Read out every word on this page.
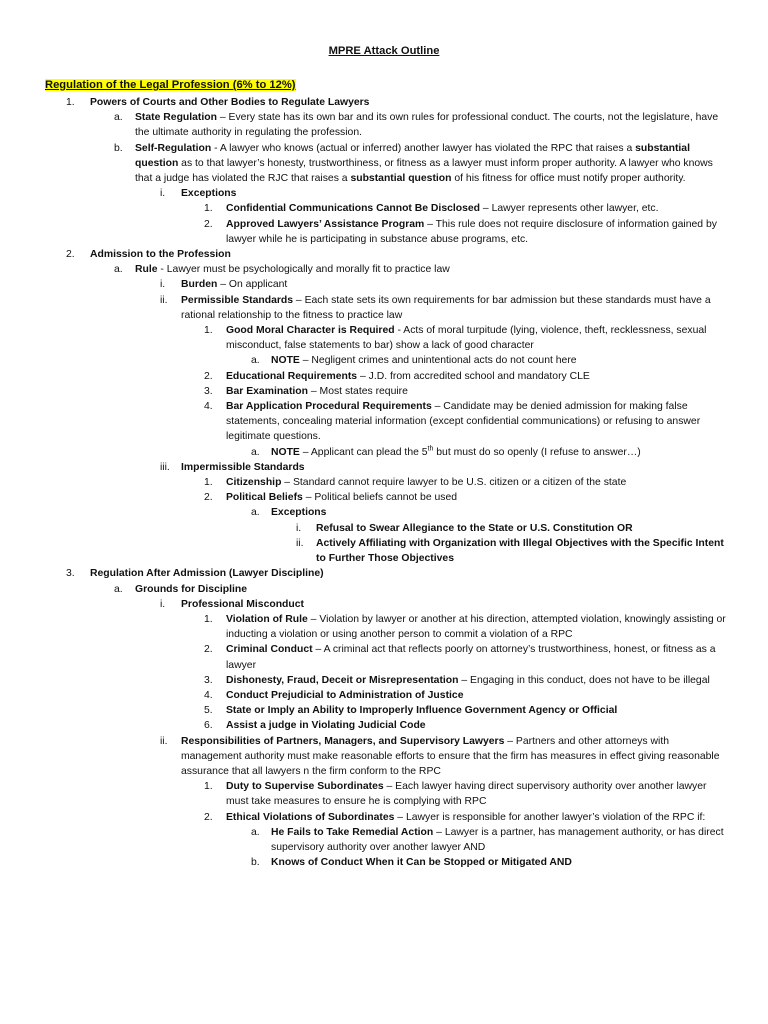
MPRE Attack Outline
Regulation of the Legal Profession (6% to 12%)
1. Powers of Courts and Other Bodies to Regulate Lawyers
a. State Regulation – Every state has its own bar and its own rules for professional conduct. The courts, not the legislature, have the ultimate authority in regulating the profession.
b. Self-Regulation - A lawyer who knows (actual or inferred) another lawyer has violated the RPC that raises a substantial question as to that lawyer’s honesty, trustworthiness, or fitness as a lawyer must inform proper authority. A lawyer who knows that a judge has violated the RJC that raises a substantial question of his fitness for office must notify proper authority.
i. Exceptions
1. Confidential Communications Cannot Be Disclosed – Lawyer represents other lawyer, etc.
2. Approved Lawyers’ Assistance Program – This rule does not require disclosure of information gained by lawyer while he is participating in substance abuse programs, etc.
2. Admission to the Profession
a. Rule - Lawyer must be psychologically and morally fit to practice law
i. Burden – On applicant
ii. Permissible Standards – Each state sets its own requirements for bar admission but these standards must have a rational relationship to the fitness to practice law
1. Good Moral Character is Required - Acts of moral turpitude (lying, violence, theft, recklessness, sexual misconduct, false statements to bar) show a lack of good character
a. NOTE – Negligent crimes and unintentional acts do not count here
2. Educational Requirements – J.D. from accredited school and mandatory CLE
3. Bar Examination – Most states require
4. Bar Application Procedural Requirements – Candidate may be denied admission for making false statements, concealing material information (except confidential communications) or refusing to answer legitimate questions.
a. NOTE – Applicant can plead the 5th but must do so openly (I refuse to answer…)
iii. Impermissible Standards
1. Citizenship – Standard cannot require lawyer to be U.S. citizen or a citizen of the state
2. Political Beliefs – Political beliefs cannot be used
a. Exceptions
i. Refusal to Swear Allegiance to the State or U.S. Constitution OR
ii. Actively Affiliating with Organization with Illegal Objectives with the Specific Intent to Further Those Objectives
3. Regulation After Admission (Lawyer Discipline)
a. Grounds for Discipline
i. Professional Misconduct
1. Violation of Rule – Violation by lawyer or another at his direction, attempted violation, knowingly assisting or inducting a violation or using another person to commit a violation of a RPC
2. Criminal Conduct – A criminal act that reflects poorly on attorney’s trustworthiness, honest, or fitness as a lawyer
3. Dishonesty, Fraud, Deceit or Misrepresentation – Engaging in this conduct, does not have to be illegal
4. Conduct Prejudicial to Administration of Justice
5. State or Imply an Ability to Improperly Influence Government Agency or Official
6. Assist a judge in Violating Judicial Code
ii. Responsibilities of Partners, Managers, and Supervisory Lawyers – Partners and other attorneys with management authority must make reasonable efforts to ensure that the firm has measures in effect giving reasonable assurance that all lawyers n the firm conform to the RPC
1. Duty to Supervise Subordinates – Each lawyer having direct supervisory authority over another lawyer must take measures to ensure he is complying with RPC
2. Ethical Violations of Subordinates – Lawyer is responsible for another lawyer’s violation of the RPC if:
a. He Fails to Take Remedial Action – Lawyer is a partner, has management authority, or has direct supervisory authority over another lawyer AND
b. Knows of Conduct When it Can be Stopped or Mitigated AND
